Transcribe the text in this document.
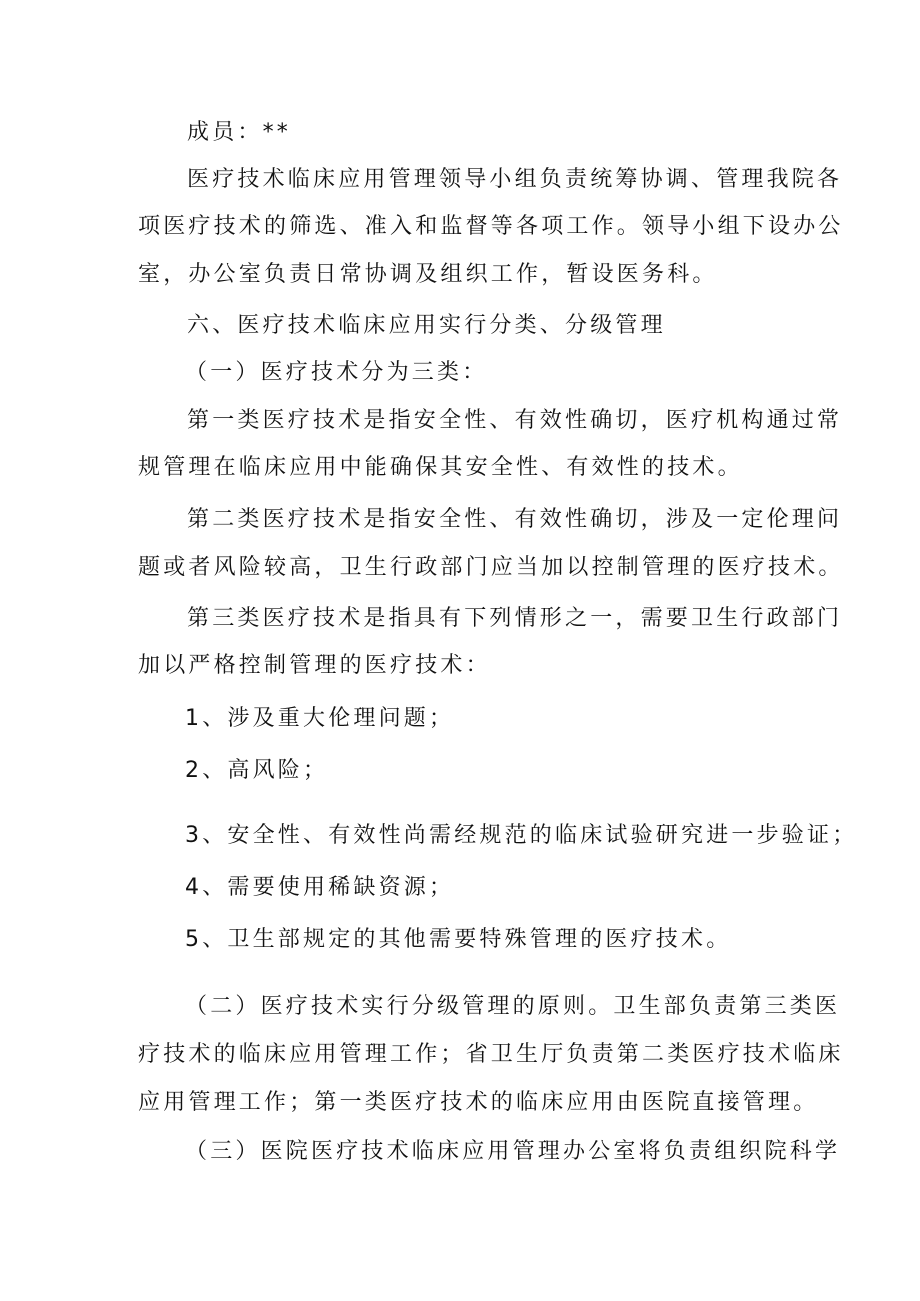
成员：**
医疗技术临床应用管理领导小组负责统筹协调、管理我院各
项医疗技术的筛选、准入和监督等各项工作。领导小组下设办公
室，办公室负责日常协调及组织工作，暂设医务科。
六、医疗技术临床应用实行分类、分级管理
（一）医疗技术分为三类：
第一类医疗技术是指安全性、有效性确切，医疗机构通过常
规管理在临床应用中能确保其安全性、有效性的技术。
第二类医疗技术是指安全性、有效性确切，涉及一定伦理问
题或者风险较高，卫生行政部门应当加以控制管理的医疗技术。
第三类医疗技术是指具有下列情形之一，需要卫生行政部门
加以严格控制管理的医疗技术：
1、涉及重大伦理问题；
2、高风险；
3、安全性、有效性尚需经规范的临床试验研究进一步验证；
4、需要使用稀缺资源；
5、卫生部规定的其他需要特殊管理的医疗技术。
（二）医疗技术实行分级管理的原则。卫生部负责第三类医
疗技术的临床应用管理工作；省卫生厅负责第二类医疗技术临床
应用管理工作；第一类医疗技术的临床应用由医院直接管理。
（三）医院医疗技术临床应用管理办公室将负责组织院科学
